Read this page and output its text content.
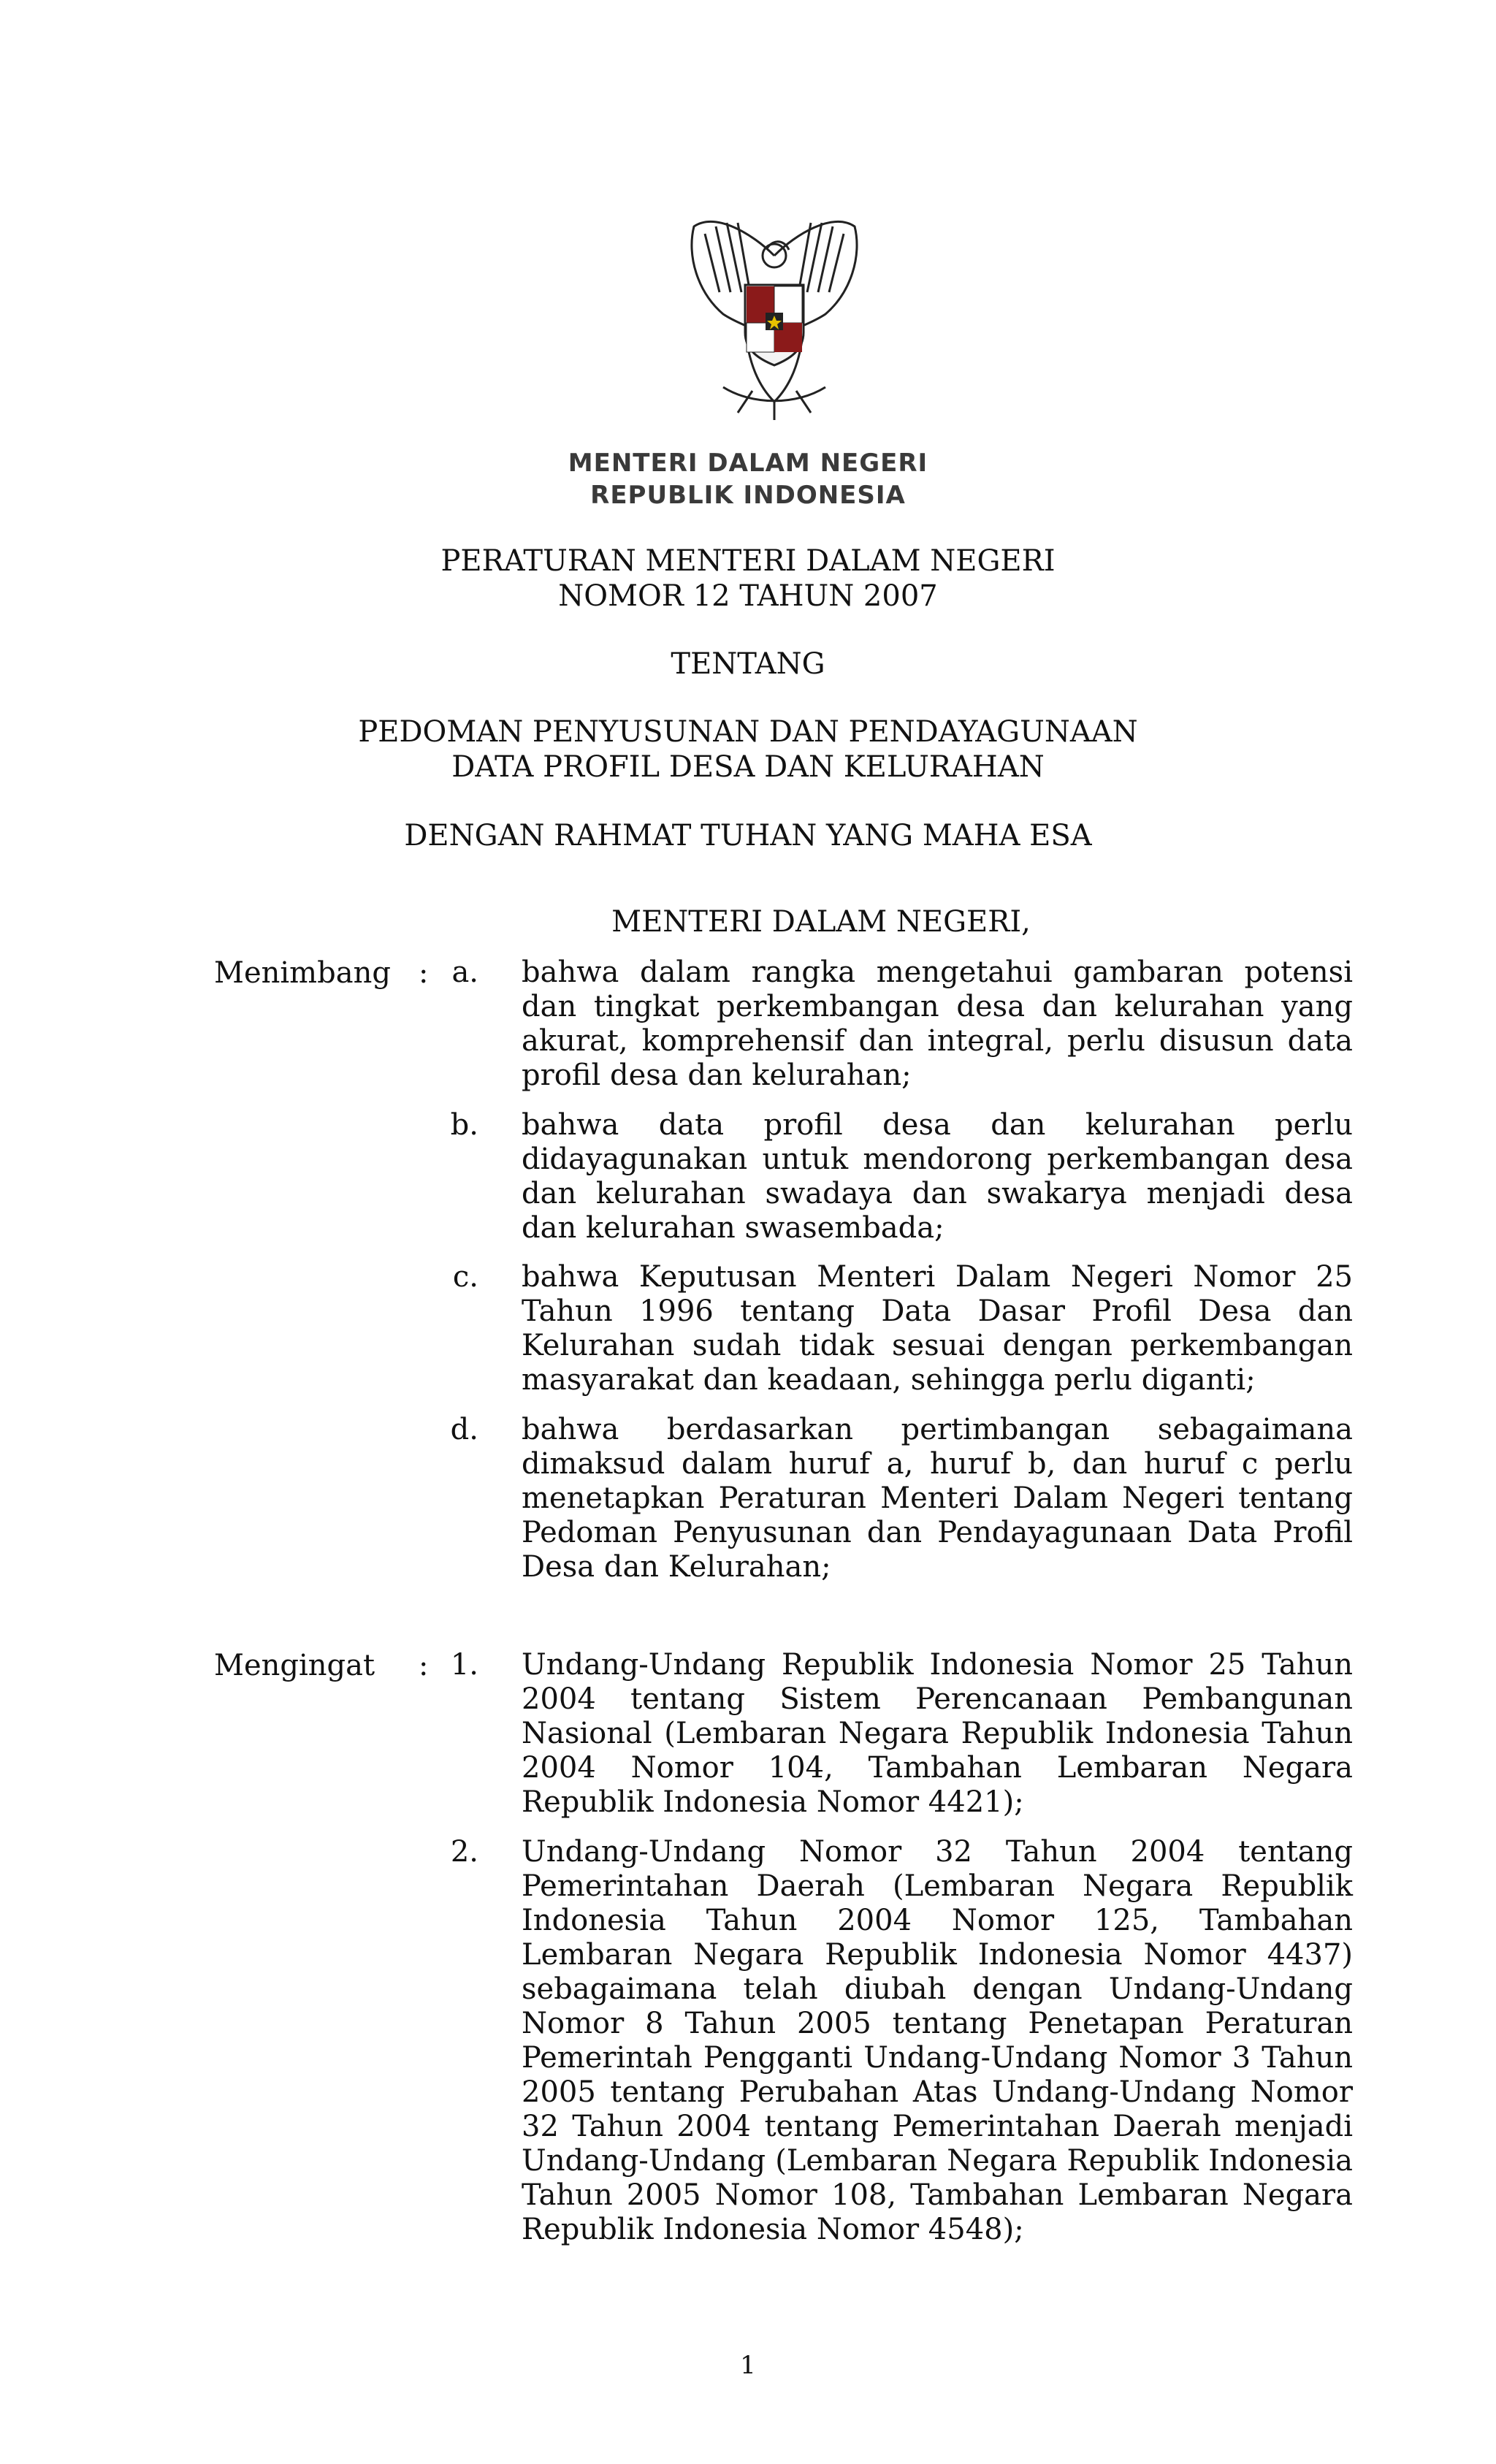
MENTERI DALAM NEGERI
REPUBLIK INDONESIA
PERATURAN MENTERI DALAM NEGERI
NOMOR 12 TAHUN 2007
TENTANG
PEDOMAN PENYUSUNAN DAN PENDAYAGUNAAN
DATA PROFIL DESA DAN KELURAHAN
DENGAN RAHMAT TUHAN YANG MAHA ESA
MENTERI DALAM NEGERI,
Menimbang : a. bahwa dalam rangka mengetahui gambaran potensi dan tingkat perkembangan desa dan kelurahan yang akurat, komprehensif dan integral, perlu disusun data profil desa dan kelurahan;
b. bahwa data profil desa dan kelurahan perlu didayagunakan untuk mendorong perkembangan desa dan kelurahan swadaya dan swakarya menjadi desa dan kelurahan swasembada;
c. bahwa Keputusan Menteri Dalam Negeri Nomor 25 Tahun 1996 tentang Data Dasar Profil Desa dan Kelurahan sudah tidak sesuai dengan perkembangan masyarakat dan keadaan, sehingga perlu diganti;
d. bahwa berdasarkan pertimbangan sebagaimana dimaksud dalam huruf a, huruf b, dan huruf c perlu menetapkan Peraturan Menteri Dalam Negeri tentang Pedoman Penyusunan dan Pendayagunaan Data Profil Desa dan Kelurahan;
Mengingat : 1. Undang-Undang Republik Indonesia Nomor 25 Tahun 2004 tentang Sistem Perencanaan Pembangunan Nasional (Lembaran Negara Republik Indonesia Tahun 2004 Nomor 104, Tambahan Lembaran Negara Republik Indonesia Nomor 4421);
2. Undang-Undang Nomor 32 Tahun 2004 tentang Pemerintahan Daerah (Lembaran Negara Republik Indonesia Tahun 2004 Nomor 125, Tambahan Lembaran Negara Republik Indonesia Nomor 4437) sebagaimana telah diubah dengan Undang-Undang Nomor 8 Tahun 2005 tentang Penetapan Peraturan Pemerintah Pengganti Undang-Undang Nomor 3 Tahun 2005 tentang Perubahan Atas Undang-Undang Nomor 32 Tahun 2004 tentang Pemerintahan Daerah menjadi Undang-Undang (Lembaran Negara Republik Indonesia Tahun 2005 Nomor 108, Tambahan Lembaran Negara Republik Indonesia Nomor 4548);
1
